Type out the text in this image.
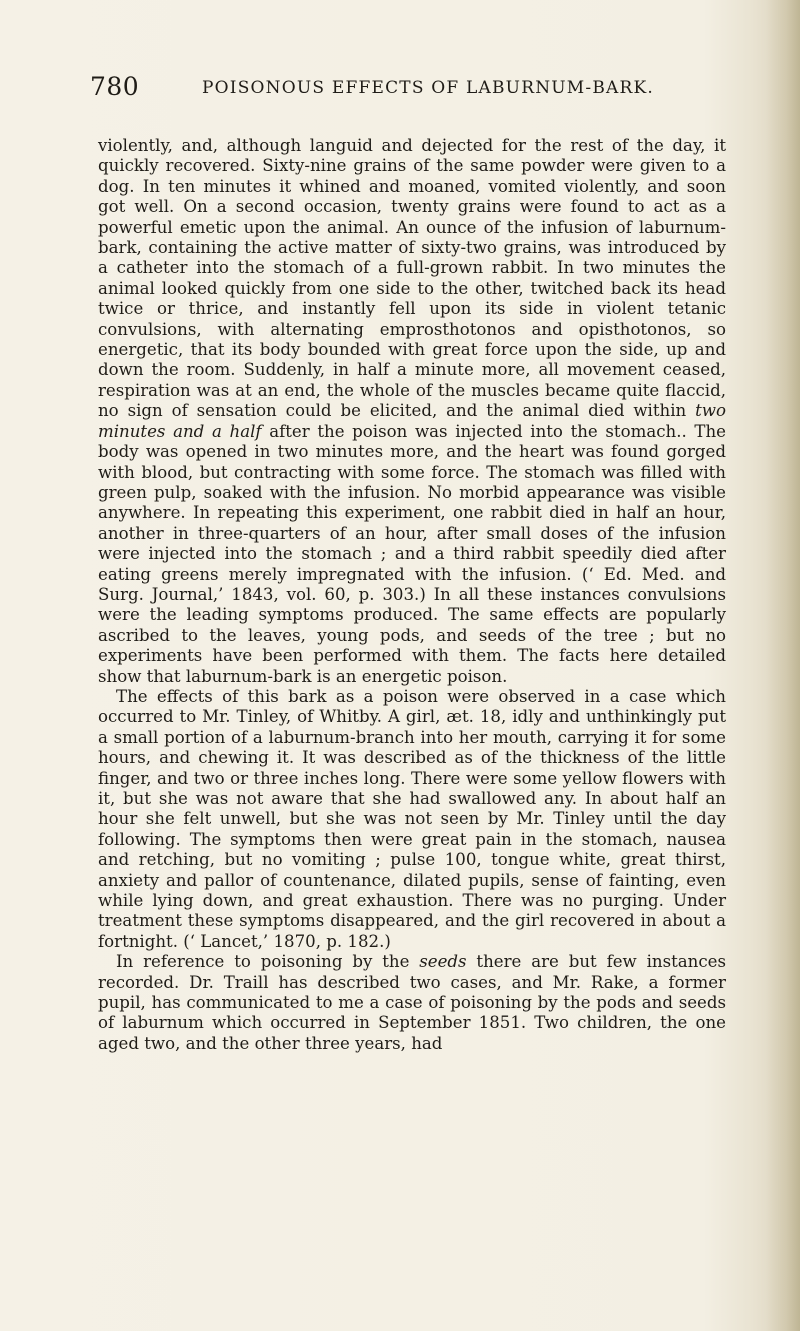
780	POISONOUS EFFECTS OF LABURNUM-BARK.

violently, and, although languid and dejected for the rest of the day, it quickly recovered. Sixty-nine grains of the same powder were given to a dog. In ten minutes it whined and moaned, vomited violently, and soon got well. On a second occasion, twenty grains were found to act as a powerful emetic upon the animal. An ounce of the infusion of laburnum-bark, containing the active matter of sixty-two grains, was introduced by a catheter into the stomach of a full-grown rabbit. In two minutes the animal looked quickly from one side to the other, twitched back its head twice or thrice, and instantly fell upon its side in violent tetanic convulsions, with alternating emprosthotonos and opisthotonos, so energetic, that its body bounded with great force upon the side, up and down the room. Suddenly, in half a minute more, all movement ceased, respiration was at an end, the whole of the muscles became quite flaccid, no sign of sensation could be elicited, and the animal died within two minutes and a half after the poison was injected into the stomach.. The body was opened in two minutes more, and the heart was found gorged with blood, but contracting with some force. The stomach was filled with green pulp, soaked with the infusion. No morbid appearance was visible anywhere. In repeating this experiment, one rabbit died in half an hour, another in three-quarters of an hour, after small doses of the infusion were injected into the stomach ; and a third rabbit speedily died after eating greens merely impregnated with the infusion. (‘ Ed. Med. and Surg. Journal,’ 1843, vol. 60, p. 303.) In all these instances convulsions were the leading symptoms produced. The same effects are popularly ascribed to the leaves, young pods, and seeds of the tree ; but no experiments have been performed with them. The facts here detailed show that laburnum-bark is an energetic poison.

The effects of this bark as a poison were observed in a case which occurred to Mr. Tinley, of Whitby. A girl, æt. 18, idly and unthinkingly put a small portion of a laburnum-branch into her mouth, carrying it for some hours, and chewing it. It was described as of the thickness of the little finger, and two or three inches long. There were some yellow flowers with it, but she was not aware that she had swallowed any. In about half an hour she felt unwell, but she was not seen by Mr. Tinley until the day following. The symptoms then were great pain in the stomach, nausea and retching, but no vomiting ; pulse 100, tongue white, great thirst, anxiety and pallor of countenance, dilated pupils, sense of fainting, even while lying down, and great exhaustion. There was no purging. Under treatment these symptoms disappeared, and the girl recovered in about a fortnight. (‘ Lancet,’ 1870, p. 182.)

In reference to poisoning by the seeds there are but few instances recorded. Dr. Traill has described two cases, and Mr. Rake, a former pupil, has communicated to me a case of poisoning by the pods and seeds of laburnum which occurred in September 1851. Two children, the one aged two, and the other three years, had
